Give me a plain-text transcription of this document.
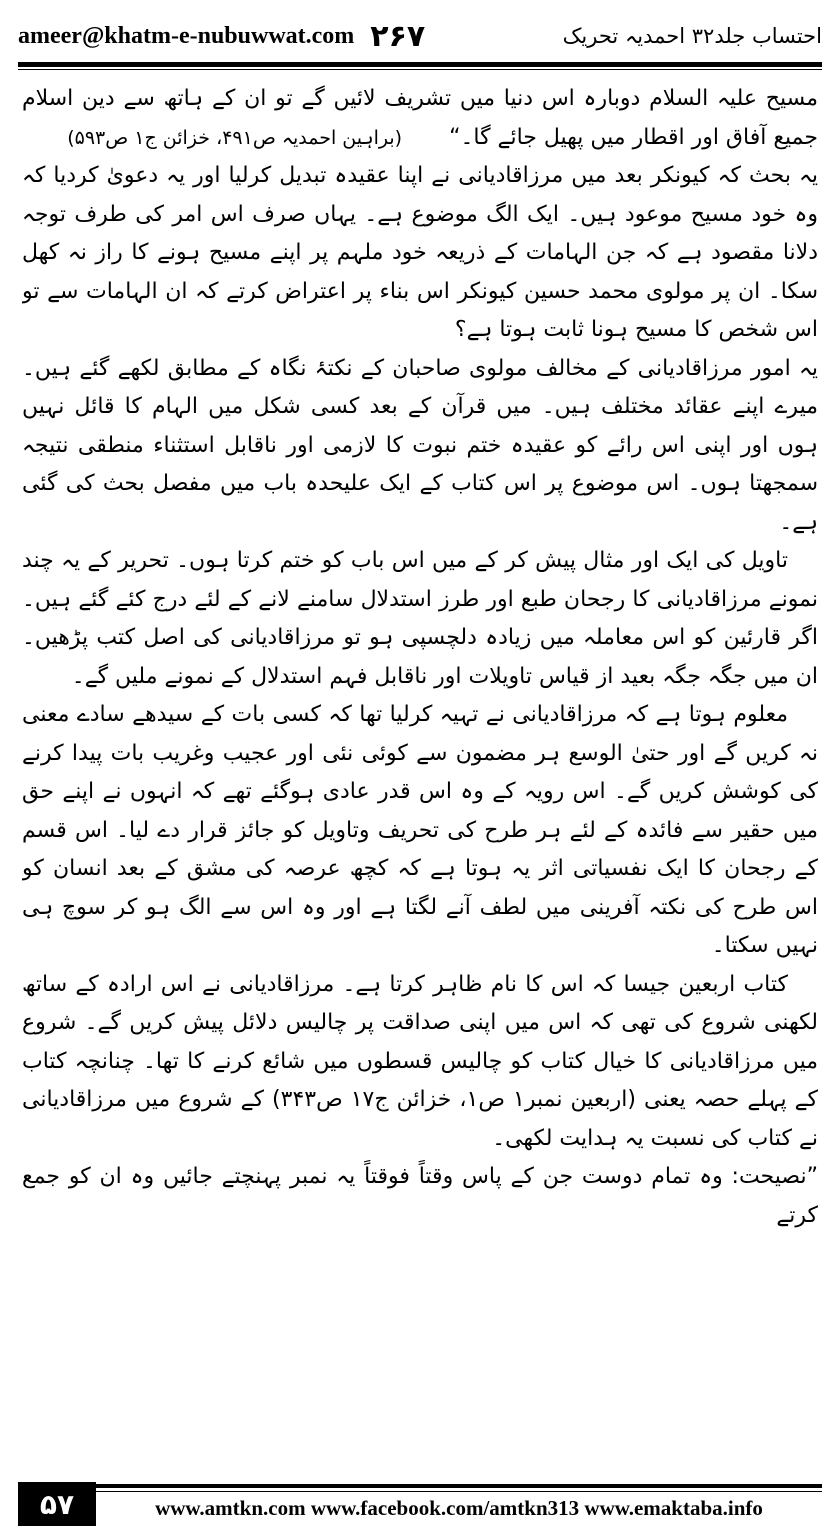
ameer@khatm-e-nubuwwat.com ۲۶۷	احتساب جلد۳۲ احمدیہ تحریک

مسیح علیہ السلام دوبارہ اس دنیا میں تشریف لائیں گے تو ان کے ہاتھ سے دین اسلام جمیع آفاق اور اقطار میں پھیل جائے گا۔“ (براہین احمدیہ ص۴۹۱، خزائن ج۱ ص۵۹۳)

یہ بحث کہ کیونکر بعد میں مرزاقادیانی نے اپنا عقیدہ تبدیل کرلیا اور یہ دعویٰ کردیا کہ وہ خود مسیح موعود ہیں۔ ایک الگ موضوع ہے۔ یہاں صرف اس امر کی طرف توجہ دلانا مقصود ہے کہ جن الہامات کے ذریعہ خود ملہم پر اپنے مسیح ہونے کا راز نہ کھل سکا۔ ان پر مولوی محمد حسین کیونکر اس بناء پر اعتراض کرتے کہ ان الہامات سے تو اس شخص کا مسیح ہونا ثابت ہوتا ہے؟

یہ امور مرزاقادیانی کے مخالف مولوی صاحبان کے نکتۂ نگاہ کے مطابق لکھے گئے ہیں۔ میرے اپنے عقائد مختلف ہیں۔ میں قرآن کے بعد کسی شکل میں الہام کا قائل نہیں ہوں اور اپنی اس رائے کو عقیدہ ختم نبوت کا لازمی اور ناقابل استثناء منطقی نتیجہ سمجھتا ہوں۔ اس موضوع پر اس کتاب کے ایک علیحدہ باب میں مفصل بحث کی گئی ہے۔

تاویل کی ایک اور مثال پیش کر کے میں اس باب کو ختم کرتا ہوں۔ تحریر کے یہ چند نمونے مرزاقادیانی کا رجحان طبع اور طرز استدلال سامنے لانے کے لئے درج کئے گئے ہیں۔ اگر قارئین کو اس معاملہ میں زیادہ دلچسپی ہو تو مرزاقادیانی کی اصل کتب پڑھیں۔ ان میں جگہ جگہ بعید از قیاس تاویلات اور ناقابل فہم استدلال کے نمونے ملیں گے۔

معلوم ہوتا ہے کہ مرزاقادیانی نے تہیہ کرلیا تھا کہ کسی بات کے سیدھے سادے معنی نہ کریں گے اور حتیٰ الوسع ہر مضمون سے کوئی نئی اور عجیب وغریب بات پیدا کرنے کی کوشش کریں گے۔ اس رویہ کے وہ اس قدر عادی ہوگئے تھے کہ انہوں نے اپنے حق میں حقیر سے فائدہ کے لئے ہر طرح کی تحریف وتاویل کو جائز قرار دے لیا۔ اس قسم کے رجحان کا ایک نفسیاتی اثر یہ ہوتا ہے کہ کچھ عرصہ کی مشق کے بعد انسان کو اس طرح کی نکتہ آفرینی میں لطف آنے لگتا ہے اور وہ اس سے الگ ہو کر سوچ ہی نہیں سکتا۔

کتاب اربعین جیسا کہ اس کا نام ظاہر کرتا ہے۔ مرزاقادیانی نے اس ارادہ کے ساتھ لکھنی شروع کی تھی کہ اس میں اپنی صداقت پر چالیس دلائل پیش کریں گے۔ شروع میں مرزاقادیانی کا خیال کتاب کو چالیس قسطوں میں شائع کرنے کا تھا۔ چنانچہ کتاب کے پہلے حصہ یعنی (اربعین نمبر۱ ص۱، خزائن ج۱۷ ص۳۴۳) کے شروع میں مرزاقادیانی نے کتاب کی نسبت یہ ہدایت لکھی۔

”نصیحت: وہ تمام دوست جن کے پاس وقتاً فوقتاً یہ نمبر پہنچتے جائیں وہ ان کو جمع کرتے

۵۷	www.amtkn.com www.facebook.com/amtkn313 www.emaktaba.info
